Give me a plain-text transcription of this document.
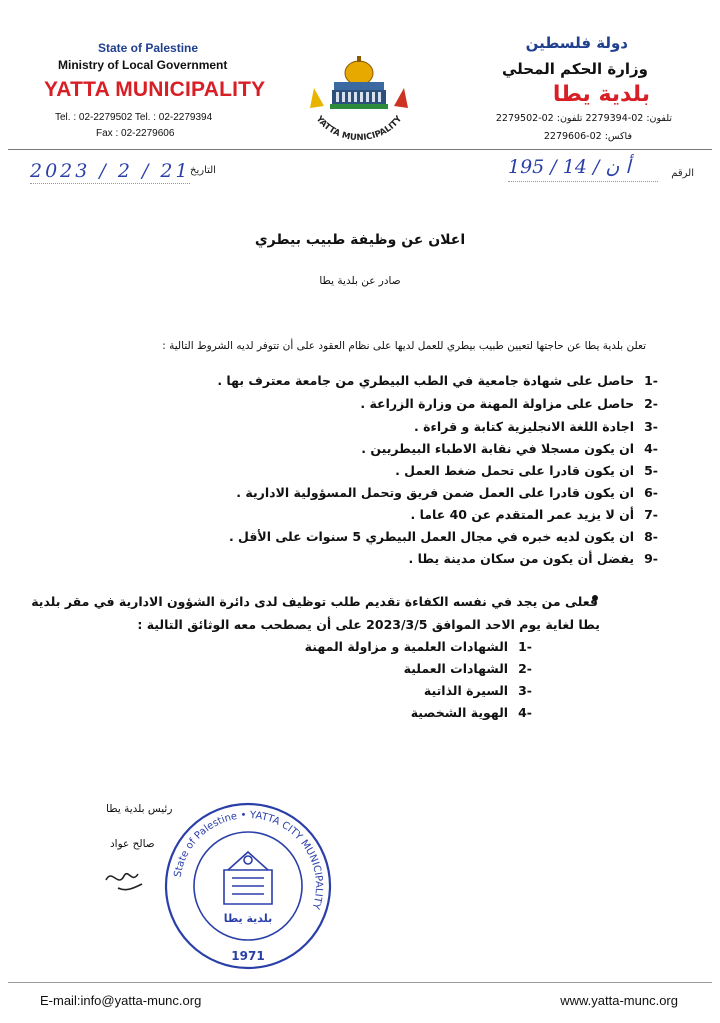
State of Palestine
Ministry of Local Government
YATTA MUNICIPALITY
Tel. : 02-2279502 Tel. : 02-2279394
Fax : 02-2279606
YATTA MUNICIPALITY
دولة فلسطين
وزارة الحكم المحلي
بلدية يطا
تلفون: 02-2279394 تلفون: 02-2279502
فاكس: 02-2279606
2023 / 2 / 21 التاريخ	195 / 14 / أ ن	الرقم
اعلان عن وظيفة طبيب بيطري
صادر عن بلدية يطا
تعلن بلدية يطا عن حاجتها لتعيين طبيب بيطري للعمل لديها على نظام العقود على أن تتوفر لديه الشروط التالية :
-1حاصل على شهادة جامعية في الطب البيطري من جامعة معترف بها .
-2حاصل على مزاولة المهنة من وزارة الزراعة .
-3اجادة اللغة الانجليزية كتابة و قراءة .
-4ان يكون مسجلا في نقابة الاطباء البيطريين .
-5ان يكون قادرا على تحمل ضغط العمل .
-6ان يكون قادرا على العمل ضمن فريق وتحمل المسؤولية الادارية .
-7أن لا يزيد عمر المتقدم عن 40 عاما .
-8ان يكون لديه خبره في مجال العمل البيطري 5 سنوات على الأقل .
-9يفضل أن يكون من سكان مدينة يطا .
فعلى من يجد في نفسه الكفاءة تقديم طلب توظيف لدى دائرة الشؤون الادارية في مقر بلدية
يطا لغاية يوم الاحد الموافق 2023/3/5 على أن يصطحب معه الوثائق التالية :
-1الشهادات العلمية و مزاولة المهنة
-2الشهادات العملية
-3السيرة الذاتية
-4الهوية الشخصية
رئيس بلدية يطا
صالح عواد
State of Palestine • YATTA CITY MUNICIPALITY
بلدية يطا
1971
E-mail:info@yatta-munc.org	www.yatta-munc.org
